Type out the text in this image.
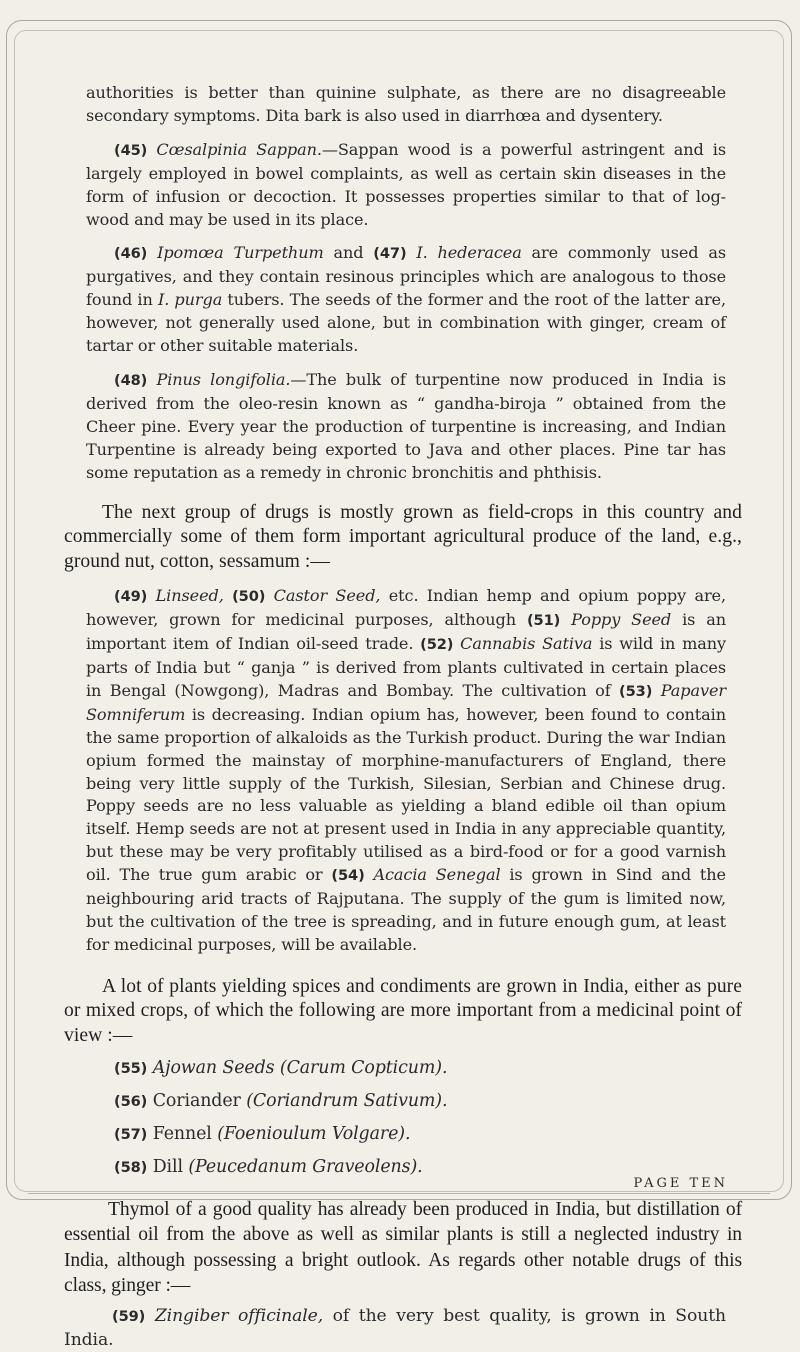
authorities is better than quinine sulphate, as there are no disagreeable secondary symptoms. Dita bark is also used in diarrhœa and dysentery.

(45) Cœsalpinia Sappan.—Sappan wood is a powerful astringent and is largely employed in bowel complaints, as well as certain skin diseases in the form of infusion or decoction. It possesses properties similar to that of log-wood and may be used in its place.

(46) Ipomœa Turpethum and (47) I. hederacea are commonly used as purgatives, and they contain resinous principles which are analogous to those found in I. purga tubers. The seeds of the former and the root of the latter are, however, not generally used alone, but in combination with ginger, cream of tartar or other suitable materials.

(48) Pinus longifolia.—The bulk of turpentine now produced in India is derived from the oleo-resin known as “ gandha-biroja ” obtained from the Cheer pine. Every year the production of turpentine is increasing, and Indian Turpentine is already being exported to Java and other places. Pine tar has some reputation as a remedy in chronic bronchitis and phthisis.

The next group of drugs is mostly grown as field-crops in this country and commercially some of them form important agricultural produce of the land, e.g., ground nut, cotton, sessamum :—

(49) Linseed, (50) Castor Seed, etc. Indian hemp and opium poppy are, however, grown for medicinal purposes, although (51) Poppy Seed is an important item of Indian oil-seed trade. (52) Cannabis Sativa is wild in many parts of India but “ ganja ” is derived from plants cultivated in certain places in Bengal (Nowgong), Madras and Bombay. The cultivation of (53) Papaver Somniferum is decreasing. Indian opium has, however, been found to contain the same proportion of alkaloids as the Turkish product. During the war Indian opium formed the mainstay of morphine-manufacturers of England, there being very little supply of the Turkish, Silesian, Serbian and Chinese drug. Poppy seeds are no less valuable as yielding a bland edible oil than opium itself. Hemp seeds are not at present used in India in any appreciable quantity, but these may be very profitably utilised as a bird-food or for a good varnish oil. The true gum arabic or (54) Acacia Senegal is grown in Sind and the neighbouring arid tracts of Rajputana. The supply of the gum is limited now, but the cultivation of the tree is spreading, and in future enough gum, at least for medicinal purposes, will be available.

A lot of plants yielding spices and condiments are grown in India, either as pure or mixed crops, of which the following are more important from a medicinal point of view :—

(55) Ajowan Seeds (Carum Copticum).

(56) Coriander (Coriandrum Sativum).

(57) Fennel (Foenioulum Volgare).

(58) Dill (Peucedanum Graveolens).

Thymol of a good quality has already been produced in India, but distillation of essential oil from the above as well as similar plants is still a neglected industry in India, although possessing a bright outlook. As regards other notable drugs of this class, ginger :—

(59) Zingiber officinale, of the very best quality, is grown in South India.

PAGE TEN
